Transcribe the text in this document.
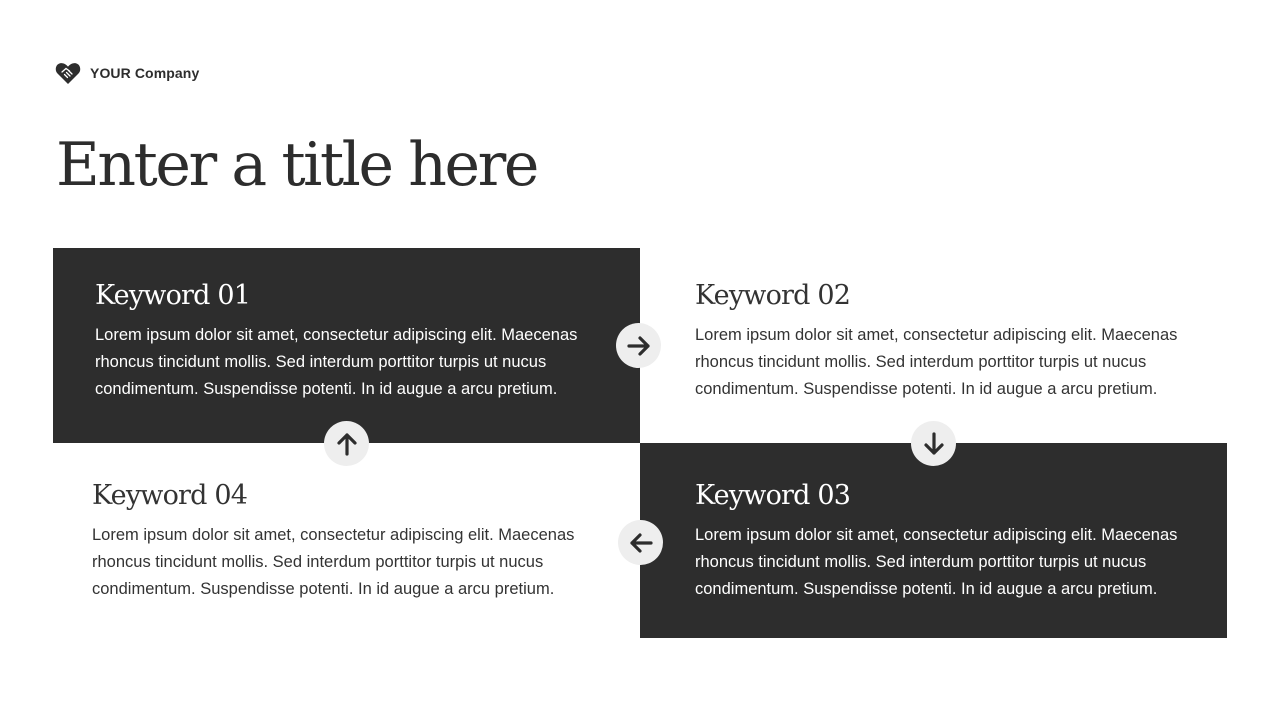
YOUR Company
Enter a title here
Keyword 01

Lorem ipsum dolor sit amet, consectetur adipiscing elit. Maecenas rhoncus tincidunt mollis. Sed interdum porttitor turpis ut nucus condimentum. Suspendisse potenti. In id augue a arcu pretium.

Keyword 02

Lorem ipsum dolor sit amet, consectetur adipiscing elit. Maecenas rhoncus tincidunt mollis. Sed interdum porttitor turpis ut nucus condimentum. Suspendisse potenti. In id augue a arcu pretium.

Keyword 03

Lorem ipsum dolor sit amet, consectetur adipiscing elit. Maecenas rhoncus tincidunt mollis. Sed interdum porttitor turpis ut nucus condimentum. Suspendisse potenti. In id augue a arcu pretium.

Keyword 04

Lorem ipsum dolor sit amet, consectetur adipiscing elit. Maecenas rhoncus tincidunt mollis. Sed interdum porttitor turpis ut nucus condimentum. Suspendisse potenti. In id augue a arcu pretium.
